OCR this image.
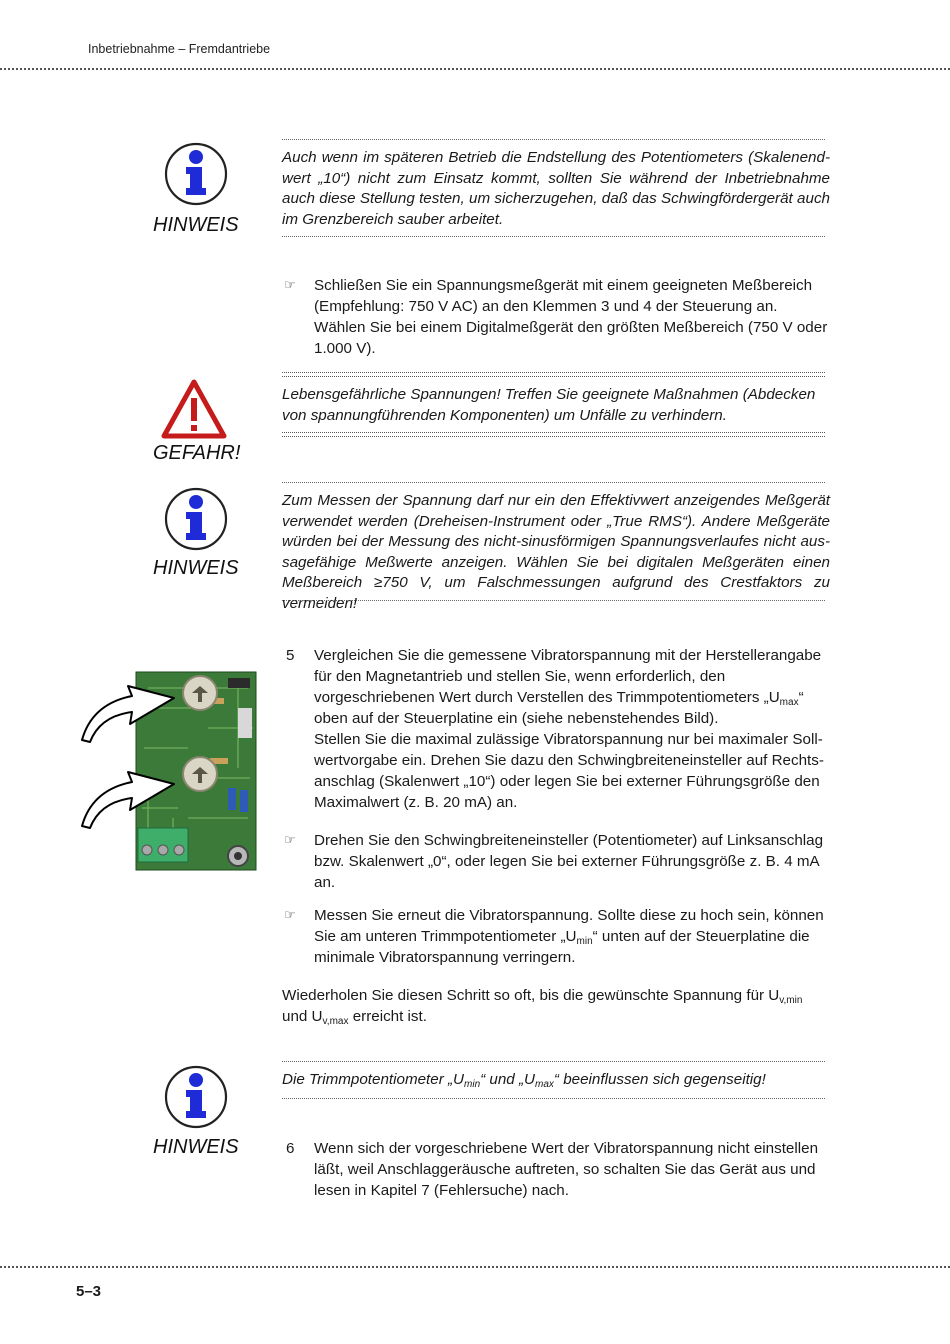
Inbetriebnahme – Fremdantriebe
HINWEIS
Auch wenn im späteren Betrieb die Endstellung des Potentiometers (Skalenendwert „10“) nicht zum Einsatz kommt, sollten Sie während der Inbetriebnahme auch diese Stellung testen, um sicherzugehen, daß das Schwingfördergerät auch im Grenzbereich sauber arbeitet.
☞ Schließen Sie ein Spannungsmeßgerät mit einem geeigneten Meßbereich (Empfehlung: 750 V AC) an den Klemmen 3 und 4 der Steuerung an. Wählen Sie bei einem Digitalmeßgerät den größten Meßbereich (750 V oder 1.000 V).
GEFAHR!
Lebensgefährliche Spannungen! Treffen Sie geeignete Maßnahmen (Abdecken von spannungführenden Komponenten) um Unfälle zu verhindern.
HINWEIS
Zum Messen der Spannung darf nur ein den Effektivwert anzeigendes Meßgerät verwendet werden (Dreheisen-Instrument oder „True RMS“). Andere Meßgeräte würden bei der Messung des nicht-sinusförmigen Spannungsverlaufes nicht aussagefähige Meßwerte anzeigen. Wählen Sie bei digitalen Meßgeräten einen Meßbereich ≥750 V, um Falschmessungen aufgrund des Crestfaktors zu vermeiden!
5 Vergleichen Sie die gemessene Vibratorspannung mit der Herstellerangabe für den Magnetantrieb und stellen Sie, wenn erforderlich, den vorgeschriebenen Wert durch Verstellen des Trimmpotentiometers $„U_{max}“$ oben auf der Steuerplatine ein (siehe nebenstehendes Bild).
Stellen Sie die maximal zulässige Vibratorspannung nur bei maximaler Sollwertvorgabe ein. Drehen Sie dazu den Schwingbreiteneinsteller auf Rechtsanschlag (Skalenwert „10“) oder legen Sie bei externer Führungsgröße den Maximalwert (z. B. 20 mA) an.
☞ Drehen Sie den Schwingbreiteneinsteller (Potentiometer) auf Linksanschlag bzw. Skalenwert „0“, oder legen Sie bei externer Führungsgröße z. B. 4 mA an.
☞ Messen Sie erneut die Vibratorspannung. Sollte diese zu hoch sein, können Sie am unteren Trimmpotentiometer $„U_{min}“$ unten auf der Steuerplatine die minimale Vibratorspannung verringern.
Wiederholen Sie diesen Schritt so oft, bis die gewünschte Spannung für $U_{v,min}$
und $U_{v,max}$ erreicht ist.
HINWEIS
Die Trimmpotentiometer $„U_{min}“$ und $„U_{max}“$ beeinflussen sich gegenseitig!
6 Wenn sich der vorgeschriebene Wert der Vibratorspannung nicht einstellen läßt, weil Anschlaggeräusche auftreten, so schalten Sie das Gerät aus und lesen in Kapitel 7 (Fehlersuche) nach.
5–3
